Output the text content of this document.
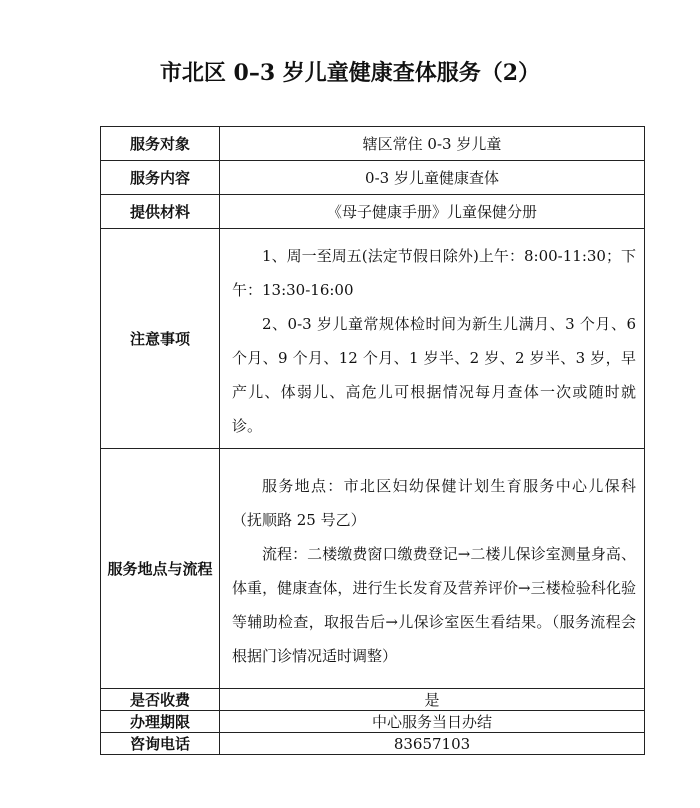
市北区 0–3 岁儿童健康查体服务（2）
服务对象	辖区常住 0-3 岁儿童
服务内容	0-3 岁儿童健康查体
提供材料	《母子健康手册》儿童保健分册
注意事项	1、周一至周五(法定节假日除外)上午：8:00-11:30；下午：13:30-16:00

2、0-3 岁儿童常规体检时间为新生儿满月、3 个月、6 个月、9 个月、12 个月、1 岁半、2 岁、2 岁半、3 岁，早产儿、体弱儿、高危儿可根据情况每月查体一次或随时就诊。

服务地点与流程	服务地点：市北区妇幼保健计划生育服务中心儿保科（抚顺路 25 号乙）

流程：二楼缴费窗口缴费登记→二楼儿保诊室测量身高、体重，健康查体，进行生长发育及营养评价→三楼检验科化验等辅助检查，取报告后→儿保诊室医生看结果。（服务流程会根据门诊情况适时调整）

是否收费	是
办理期限	中心服务当日办结
咨询电话	83657103
